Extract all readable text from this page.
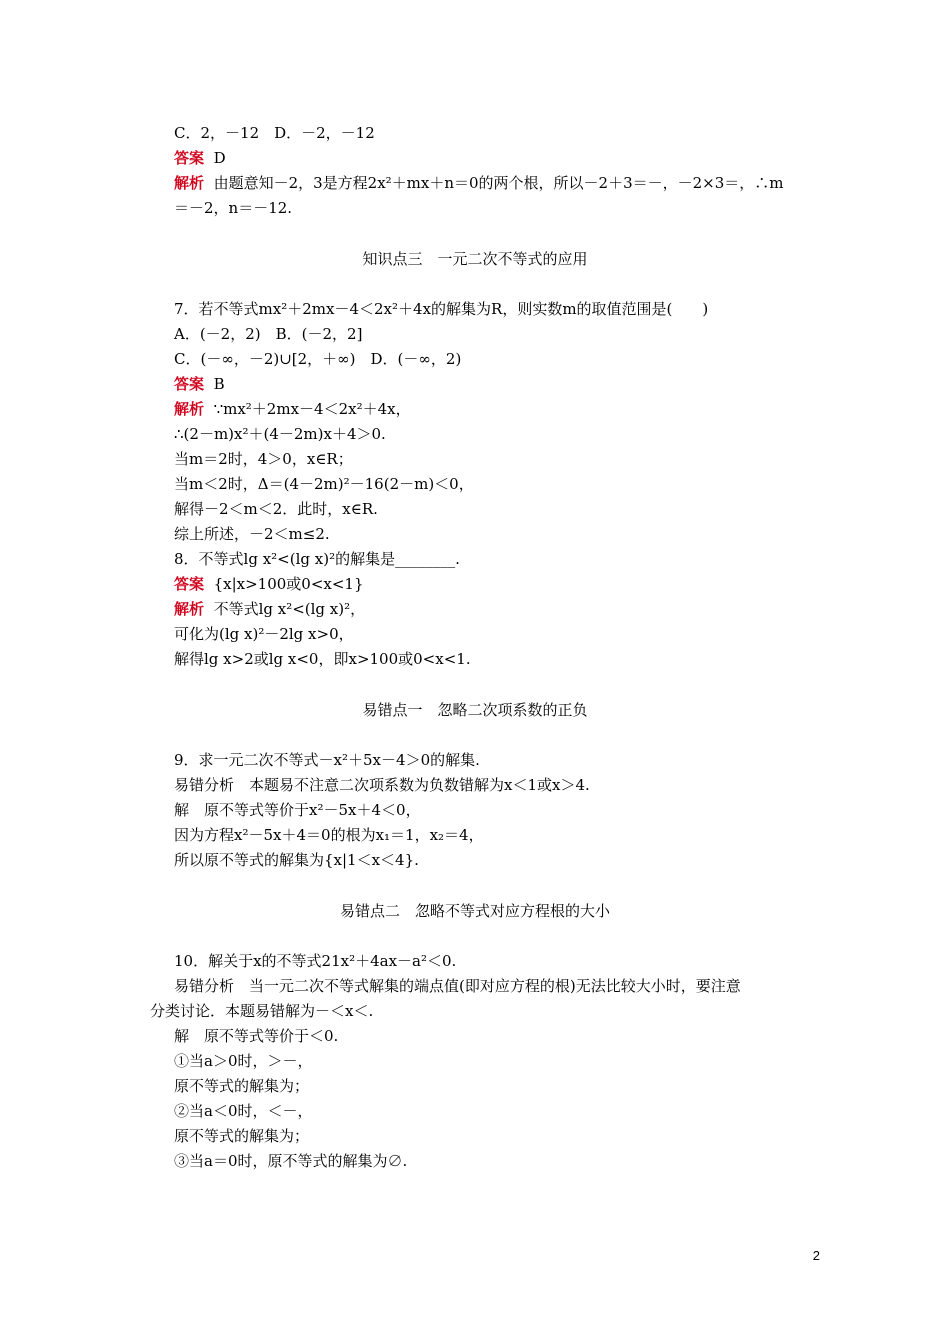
C．2，－12　D．－2，－12
答案 D
解析 由题意知－2，3是方程2x²＋mx＋n＝0的两个根，所以－2＋3＝－，－2×3＝，∴m
＝－2，n＝－12.
知识点三　一元二次不等式的应用
7．若不等式mx²＋2mx－4＜2x²＋4x的解集为R，则实数m的取值范围是(　　)
A．(－2，2)　B．(－2，2]
C．(－∞，－2)∪[2，＋∞)　D．(－∞，2)
答案 B
解析 ∵mx²＋2mx－4＜2x²＋4x，
∴(2－m)x²＋(4－2m)x＋4＞0.
当m＝2时，4＞0，x∈R；
当m＜2时，Δ＝(4－2m)²－16(2－m)＜0，
解得－2＜m＜2．此时，x∈R.
综上所述，－2＜m≤2.
8．不等式lg x²<(lg x)²的解集是________.
答案 {x|x>100或0<x<1}
解析 不等式lg x²<(lg x)²，
可化为(lg x)²－2lg x>0，
解得lg x>2或lg x<0，即x>100或0<x<1.
易错点一　忽略二次项系数的正负
9．求一元二次不等式－x²＋5x－4＞0的解集.
易错分析　本题易不注意二次项系数为负数错解为x＜1或x＞4.
解　原不等式等价于x²－5x＋4＜0，
因为方程x²－5x＋4＝0的根为x₁＝1，x₂＝4，
所以原不等式的解集为{x|1＜x＜4}.
易错点二　忽略不等式对应方程根的大小
10．解关于x的不等式21x²＋4ax－a²＜0.
易错分析　当一元二次不等式解集的端点值(即对应方程的根)无法比较大小时，要注意
分类讨论．本题易错解为－＜x＜.
解　原不等式等价于＜0.
①当a＞0时，＞－，
原不等式的解集为；
②当a＜0时，＜－，
原不等式的解集为；
③当a＝0时，原不等式的解集为∅.
2
